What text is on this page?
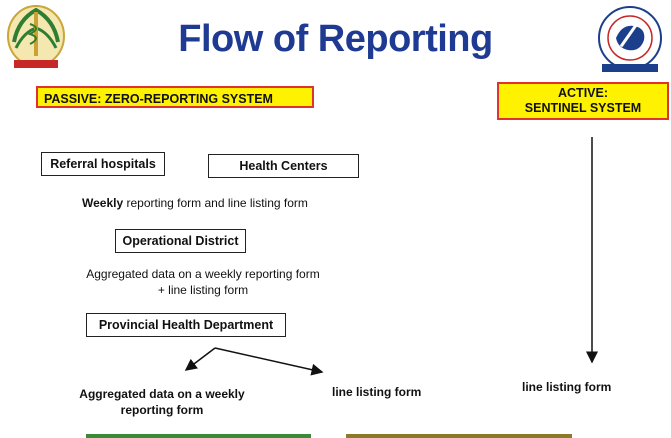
Flow of Reporting
PASSIVE: ZERO-REPORTING SYSTEM	ACTIVE:
SENTINEL SYSTEM
Referral hospitals	Health Centers
Weekly reporting form and line listing form
Operational District
Aggregated data on a weekly reporting form
+ line listing form
Provincial Health Department
Aggregated data on a weekly
reporting form
line listing form	line listing form
